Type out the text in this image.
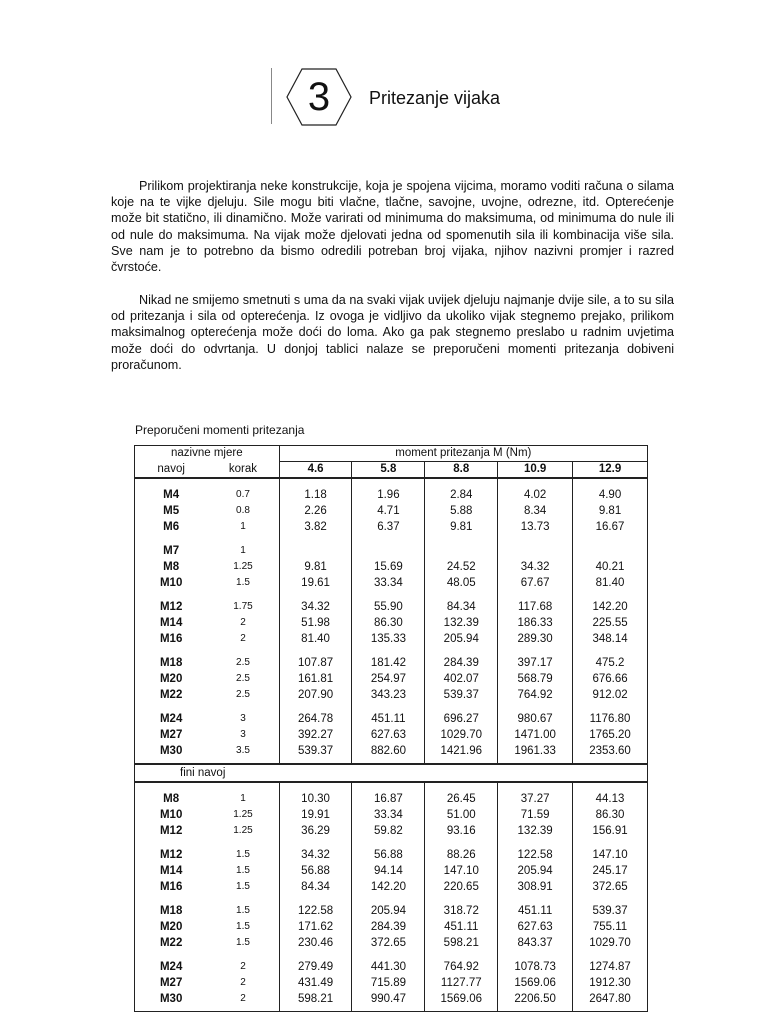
3	Pritezanje vijaka

Prilikom projektiranja neke konstrukcije, koja je spojena vijcima, moramo voditi računa o silama koje na te vijke djeluju. Sile mogu biti vlačne, tlačne, savojne, uvojne, odrezne, itd. Opterećenje može bit statično, ili dinamično. Može varirati od minimuma do maksimuma, od minimuma do nule ili od nule do maksimuma. Na vijak može djelovati jedna od spomenutih sila ili kombinacija više sila. Sve nam je to potrebno da bismo odredili potreban broj vijaka, njihov nazivni promjer i razred čvrstoće.

Nikad ne smijemo smetnuti s uma da na svaki vijak uvijek djeluju najmanje dvije sile, a to su sila od pritezanja i sila od opterećenja. Iz ovoga je vidljivo da ukoliko vijak stegnemo prejako, prilikom maksimalnog opterećenja može doći do loma. Ako ga pak stegnemo preslabo u radnim uvjetima može doći do odvrtanja. U donjoj tablici nalaze se preporučeni momenti pritezanja dobiveni proračunom.

Preporučeni momenti pritezanja
nazivne mjere		moment pritezanja M (Nm)				
navoj	korak	4.6	5.8	8.8	10.9	12.9

M4	0.7	1.18	1.96	2.84	4.02	4.90
M5	0.8	2.26	4.71	5.88	8.34	9.81
M6	1	3.82	6.37	9.81	13.73	16.67

M7	1					
M8	1.25	9.81	15.69	24.52	34.32	40.21
M10	1.5	19.61	33.34	48.05	67.67	81.40

M12	1.75	34.32	55.90	84.34	117.68	142.20
M14	2	51.98	86.30	132.39	186.33	225.55
M16	2	81.40	135.33	205.94	289.30	348.14

M18	2.5	107.87	181.42	284.39	397.17	475.2
M20	2.5	161.81	254.97	402.07	568.79	676.66
M22	2.5	207.90	343.23	539.37	764.92	912.02

M24	3	264.78	451.11	696.27	980.67	1176.80
M27	3	392.27	627.63	1029.70	1471.00	1765.20
M30	3.5	539.37	882.60	1421.96	1961.33	2353.60

fini navoj						

M8	1	10.30	16.87	26.45	37.27	44.13
M10	1.25	19.91	33.34	51.00	71.59	86.30
M12	1.25	36.29	59.82	93.16	132.39	156.91

M12	1.5	34.32	56.88	88.26	122.58	147.10
M14	1.5	56.88	94.14	147.10	205.94	245.17
M16	1.5	84.34	142.20	220.65	308.91	372.65

M18	1.5	122.58	205.94	318.72	451.11	539.37
M20	1.5	171.62	284.39	451.11	627.63	755.11
M22	1.5	230.46	372.65	598.21	843.37	1029.70

M24	2	279.49	441.30	764.92	1078.73	1274.87
M27	2	431.49	715.89	1127.77	1569.06	1912.30
M30	2	598.21	990.47	1569.06	2206.50	2647.80
